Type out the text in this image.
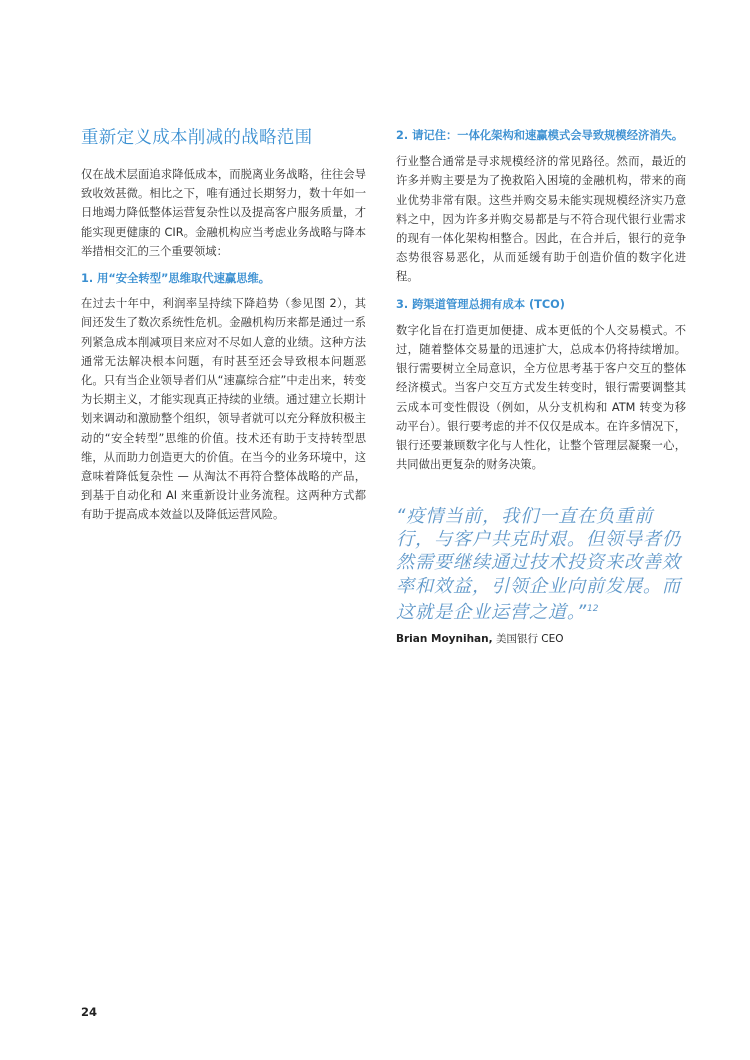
重新定义成本削减的战略范围

仅在战术层面追求降低成本，而脱离业务战略，往往会导致收效甚微。相比之下，唯有通过长期努力，数十年如一日地竭力降低整体运营复杂性以及提高客户服务质量，才能实现更健康的 CIR。金融机构应当考虑业务战略与降本举措相交汇的三个重要领域：

1. 用“安全转型”思维取代速赢思维。

在过去十年中，利润率呈持续下降趋势（参见图 2），其间还发生了数次系统性危机。金融机构历来都是通过一系列紧急成本削减项目来应对不尽如人意的业绩。这种方法通常无法解决根本问题，有时甚至还会导致根本问题恶化。只有当企业领导者们从“速赢综合症”中走出来，转变为长期主义，才能实现真正持续的业绩。通过建立长期计划来调动和激励整个组织，领导者就可以充分释放积极主动的“安全转型”思维的价值。技术还有助于支持转型思维，从而助力创造更大的价值。在当今的业务环境中，这意味着降低复杂性 — 从淘汰不再符合整体战略的产品，到基于自动化和 AI 来重新设计业务流程。这两种方式都有助于提高成本效益以及降低运营风险。

2. 请记住：一体化架构和速赢模式会导致规模经济消失。

行业整合通常是寻求规模经济的常见路径。然而，最近的许多并购主要是为了挽救陷入困境的金融机构，带来的商业优势非常有限。这些并购交易未能实现规模经济实乃意料之中，因为许多并购交易都是与不符合现代银行业需求的现有一体化架构相整合。因此，在合并后，银行的竞争态势很容易恶化，从而延缓有助于创造价值的数字化进程。

3. 跨渠道管理总拥有成本 (TCO)

数字化旨在打造更加便捷、成本更低的个人交易模式。不过，随着整体交易量的迅速扩大，总成本仍将持续增加。银行需要树立全局意识，全方位思考基于客户交互的整体经济模式。当客户交互方式发生转变时，银行需要调整其云成本可变性假设（例如，从分支机构和 ATM 转变为移动平台）。银行要考虑的并不仅仅是成本。在许多情况下，银行还要兼顾数字化与人性化，让整个管理层凝聚一心，共同做出更复杂的财务决策。

“疫情当前，我们一直在负重前行，与客户共克时艰。但领导者仍然需要继续通过技术投资来改善效率和效益，引领企业向前发展。而这就是企业运营之道。”$^{12}$
Brian Moynihan, 美国银行 CEO
24
